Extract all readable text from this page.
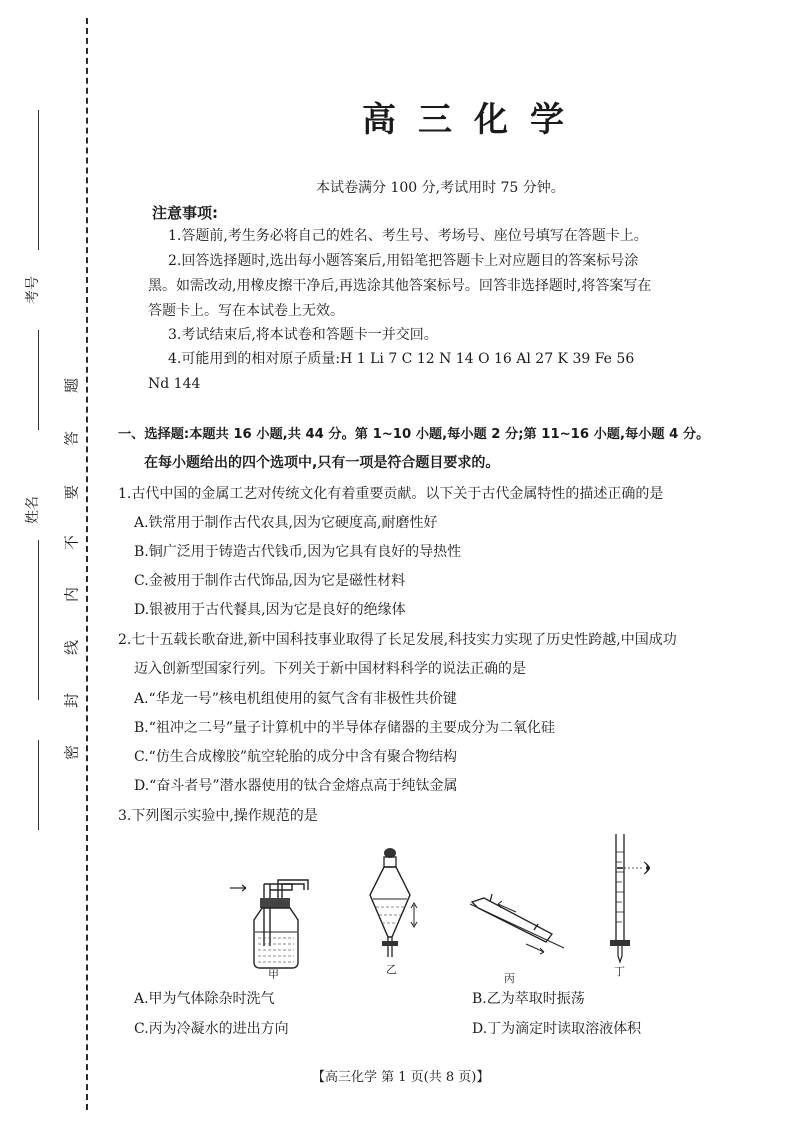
考号
姓名
题
答
要
不
内
线
封
密
高三化学
本试卷满分 100 分,考试用时 75 分钟。
注意事项:
1.答题前,考生务必将自己的姓名、考生号、考场号、座位号填写在答题卡上。
2.回答选择题时,选出每小题答案后,用铅笔把答题卡上对应题目的答案标号涂
黑。如需改动,用橡皮擦干净后,再选涂其他答案标号。回答非选择题时,将答案写在
答题卡上。写在本试卷上无效。
3.考试结束后,将本试卷和答题卡一并交回。
4.可能用到的相对原子质量:H 1 Li 7 C 12 N 14 O 16 Al 27 K 39 Fe 56
Nd 144
一、选择题:本题共 16 小题,共 44 分。第 1~10 小题,每小题 2 分;第 11~16 小题,每小题 4 分。
在每小题给出的四个选项中,只有一项是符合题目要求的。
1.古代中国的金属工艺对传统文化有着重要贡献。以下关于古代金属特性的描述正确的是
A.铁常用于制作古代农具,因为它硬度高,耐磨性好
B.铜广泛用于铸造古代钱币,因为它具有良好的导热性
C.金被用于制作古代饰品,因为它是磁性材料
D.银被用于古代餐具,因为它是良好的绝缘体
2.七十五载长歌奋进,新中国科技事业取得了长足发展,科技实力实现了历史性跨越,中国成功
迈入创新型国家行列。下列关于新中国材料科学的说法正确的是
A.“华龙一号”核电机组使用的氦气含有非极性共价键
B.“祖冲之二号”量子计算机中的半导体存储器的主要成分为二氧化硅
C.“仿生合成橡胶”航空轮胎的成分中含有聚合物结构
D.“奋斗者号”潜水器使用的钛合金熔点高于纯钛金属
3.下列图示实验中,操作规范的是
甲	乙
丙
丁
A.甲为气体除杂时洗气	B.乙为萃取时振荡
C.丙为冷凝水的进出方向	D.丁为滴定时读取溶液体积
【高三化学 第 1 页(共 8 页)】
